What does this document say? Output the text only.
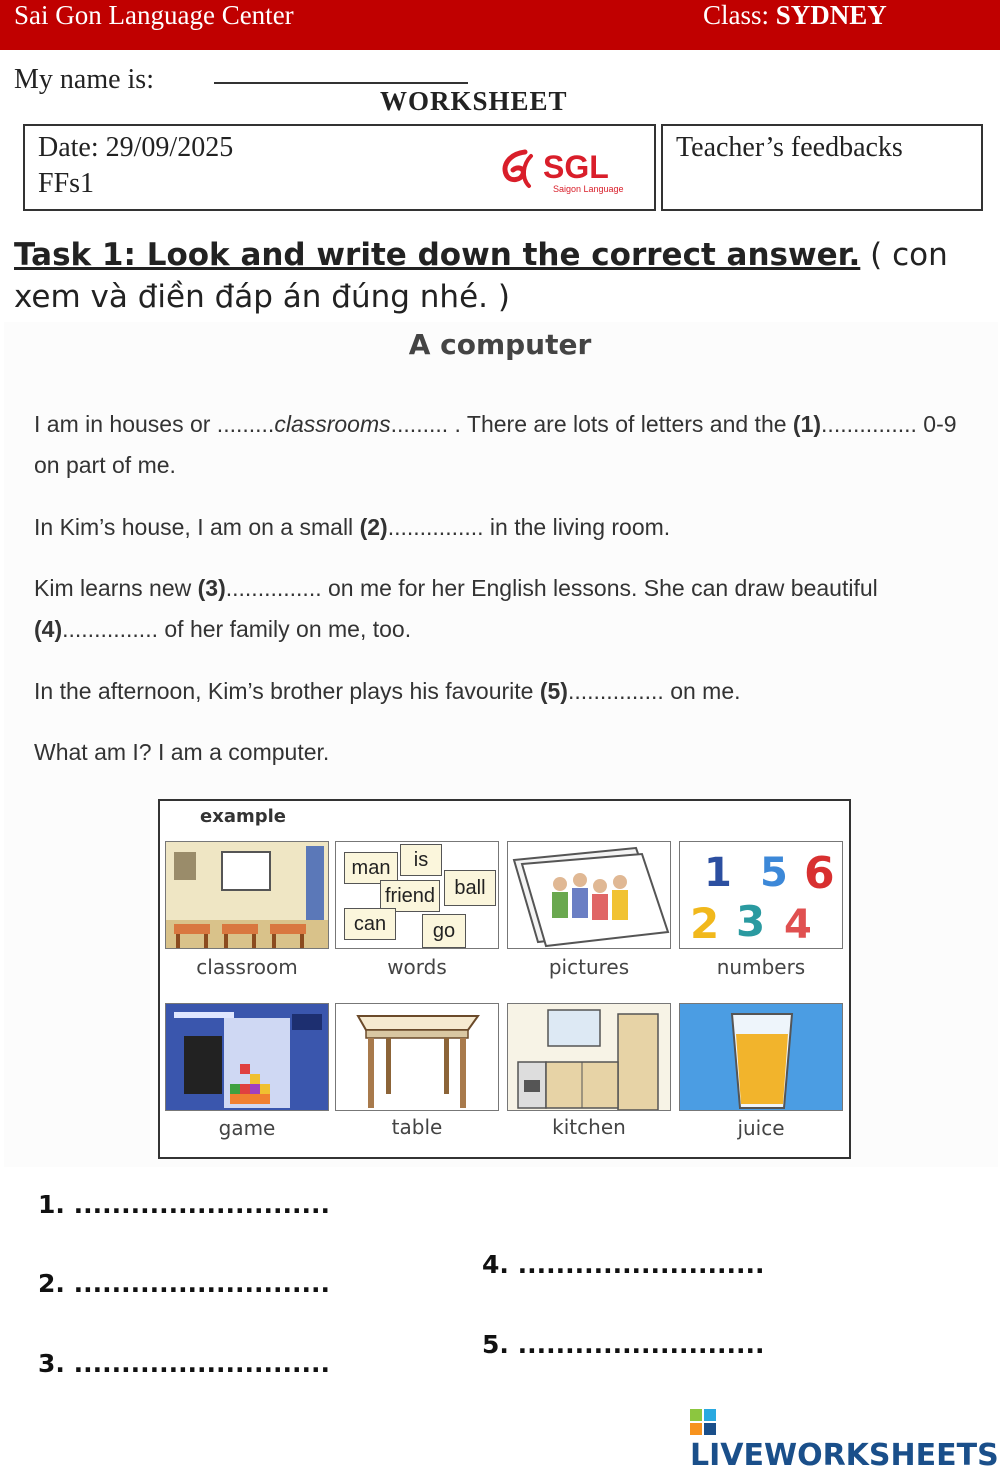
Sai Gon Language Center	Class: SYDNEY
My name is:
WORKSHEET
Date: 29/09/2025
FFs1	SGL
Saigon Language
Teacher’s feedbacks
Task 1: Look and write down the correct answer. ( con xem và điền đáp án đúng nhé. )
A computer
I am in houses or .........classrooms......... . There are lots of letters and the (1)............... 0-9 on part of me.
In Kim’s house, I am on a small (2)............... in the living room.
Kim learns new (3)............... on me for her English lessons. She can draw beautiful (4)............... of her family on me, too.
In the afternoon, Kim’s brother plays his favourite (5)............... on me.
What am I? I am a computer.
example
man	is
friend ball
can	go
1 5 6
2 3 4
classroom	words	pictures	numbers
game	table	kitchen	juice
1. ...........................
2. ...........................
3. ...........................
4. ..........................
5. ..........................
LIVEWORKSHEETS
